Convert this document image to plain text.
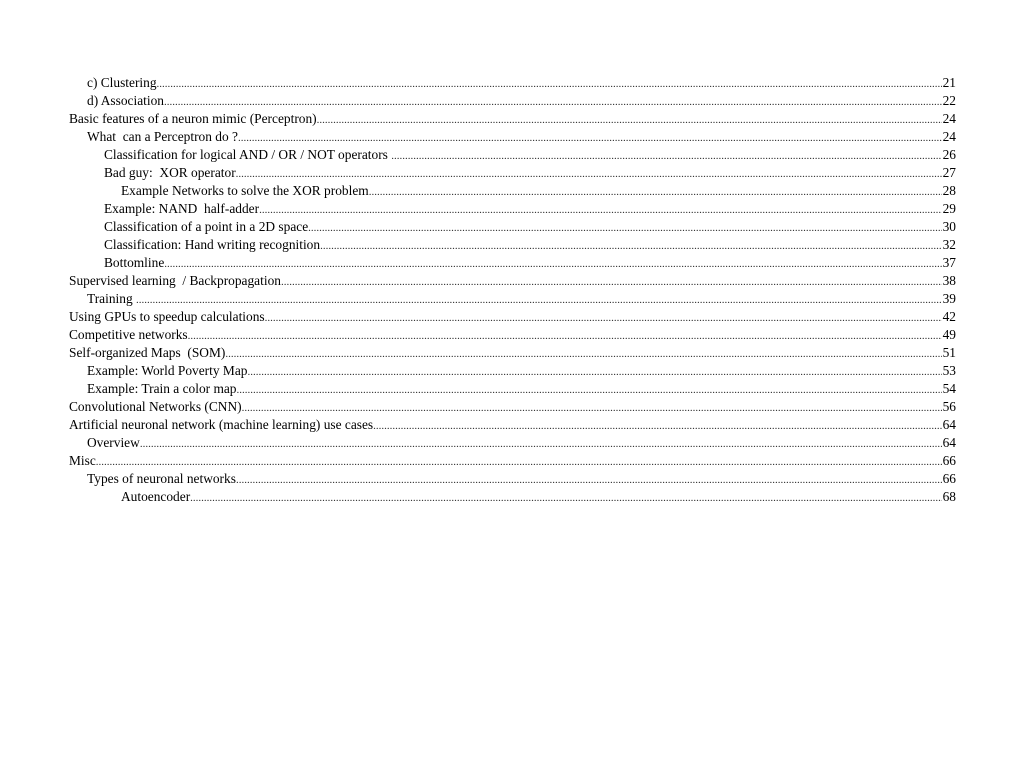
c) Clustering .....	21
d) Association .....	22
Basic features of a neuron mimic (Perceptron) .....	24
What  can a Perceptron do ? .....	24
Classification for logical AND / OR / NOT operators .....	26
Bad guy:  XOR operator .....	27
Example Networks to solve the XOR problem .....	28
Example: NAND  half-adder .....	29
Classification of a point in a 2D space .....	30
Classification: Hand writing recognition .....	32
Bottomline .....	37
Supervised learning  / Backpropagation .....	38
Training .....	39
Using GPUs to speedup calculations .....	42
Competitive networks .....	49
Self-organized Maps  (SOM) .....	51
Example: World Poverty Map .....	53
Example: Train a color map .....	54
Convolutional Networks (CNN) .....	56
Artificial neuronal network (machine learning) use cases .....	64
Overview .....	64
Misc .....	66
Types of neuronal networks .....	66
Autoencoder .....	68
